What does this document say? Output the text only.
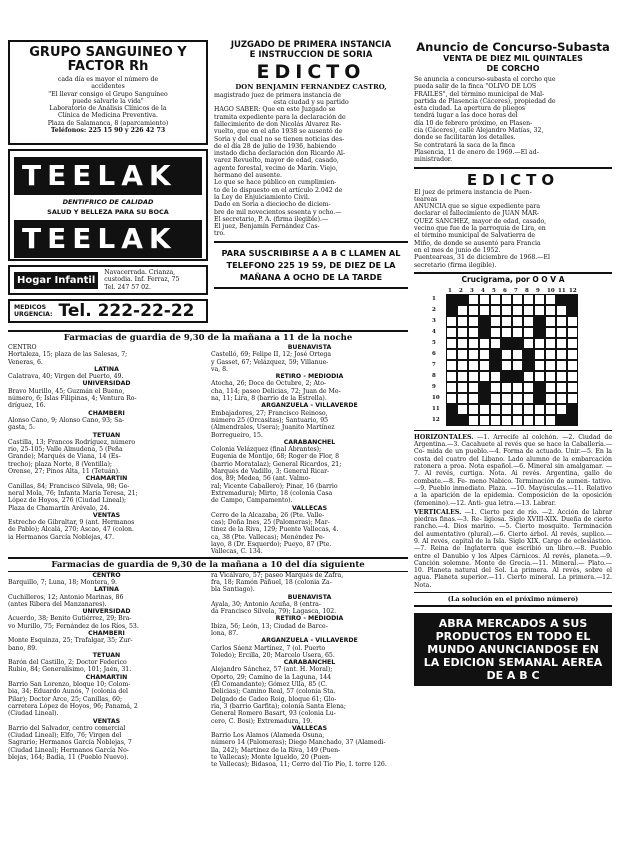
GRUPO SANGUINEO Y FACTOR Rh
cada día es mayor el número de
accidentes
"El llevar consigo el Grupo Sanguíneo
puede salvarle la vida"
Laboratorio de Análisis Clínicos de la
Clínica de Medicina Preventiva.
Plaza de Salamanca, 8 (aparcamiento)
Teléfonos: 225 15 90 y 226 42 73
TEELAK
DENTIFRICO DE CALIDAD
SALUD Y BELLEZA PARA SU BOCA
TEELAK
Hogar Infantil
Navacerrada. Crianza,
custodia. Inf. Ferraz, 75
Tel. 247 57 02.
MEDICOS
URGENCIA: Tel. 222-22-22
JUZGADO DE PRIMERA INSTANCIA
E INSTRUCCION DE SORIA
EDICTO
DON BENJAMIN FERNANDEZ CASTRO,
magistrado juez de primera instancia de
esta ciudad y su partido
HAGO SABER: Que en este Juzgado se
tramita expediente para la declaración de
fallecimiento de don Nicolás Alvarez Re-
vuelto, que en el año 1938 se ausentó de
Soria y del cual no se tienen noticias des-
de el día 28 de julio de 1936, habiendo
instado dicha declaración don Ricardo Al-
varez Revuelto, mayor de edad, casado,
agente forestal, vecino de Marín. Viejo,
hermano del ausente.
Lo que se hace público en cumplimien-
to de lo dispuesto en el artículo 2.042 de
la Ley de Enjuiciamiento Civil.
Dado en Soria a dieciocho de diciem-
bre de mil novecientos sesenta y ocho.—
El secretario, P. A. (firma ilegible).—
El juez, Benjamín Fernández Cas-
tro.
PARA SUSCRIBIRSE A A B C LLAMEN AL TELEFONO 225 19 59, DE DIEZ DE LA MAÑANA A OCHO DE LA TARDE
Anuncio de Concurso-Subasta
VENTA DE DIEZ MIL QUINTALES
DE CORCHO
Se anuncia a concurso-subasta el corcho que
pueda salir de la finca "OLIVO DE LOS
FRAILES", del término municipal de Mal-
partida de Plasencia (Cáceres), propiedad de
esta ciudad. La apertura de pliegos
tendrá lugar a las doce horas del
día 10 de febrero próximo, en Plasen-
cia (Cáceres), calle Alejandro Matías, 32,
donde se facilitarán los detalles.
Se contratará la saca de la finca
Plasencia, 11 de enero de 1969.—El ad-
ministrador.
EDICTO
El juez de primera instancia de Puen-
teareas
ANUNCIA que se sigue expediente para
declarar el fallecimiento de JUAN MAR-
QUEZ SANCHEZ, mayor de edad, casado,
vecino que fue de la parroquia de Lira, en
el término municipal de Salvatierra de
Miño, de donde se ausentó para Francia
en el mes de junio de 1952.
Puenteareas, 31 de diciembre de 1968.—El
secretario (firma ilegible).
Crucigrama, por O O V A
1 2 3 4 5 6 7 8 9 10 11 12
1
2
3
4
5
6
7
8
9
10
11
12
HORIZONTALES. —1. Arrecife al colchón. —2. Ciudad de Argentina.—3. Cacahuete al revés que se hace la Caballería.—Co- mida de un pueblo.—4. Forma de actuado. Unir.—5. En la costa del cuatro del Libano. Lado alumno de la embarcación ratonera a proa. Nota español.—6. Mineral sin amalgamar. —7. Al revés, curtiga. Nota. Ai revés. Argentina, gallo de combate.—8. Fe- meno Nabico. Terminación de aumen- tativo.—9. Pueblo inmediato. Plaza. —10. Mayúsculas.—11. Relativo a la aparición de la epidemia. Composición de la oposición (femenino).—12. Anti- gua letra.—13. Labrar.
VERTICALES. —1. Cierto pez de río. —2. Acción de labrar piedras finas.—3. Re- ligiosa. Siglo XVIII-XIX. Dueña de cierto rancho.—4. Dios marino. —5. Cierto mosquito. Terminación del aumentativo (plural).—6. Cierto árbol. Al revés, suplico.—9. Al revés, capital de la Isla. Siglo XIX. Cargo de eclesiástico.—7. Reina de Inglaterra que escribió un libro.—8. Pueblo entre el Danubio y los Alpes Cárnicos. Al revés, planeta.—9. Canción solemne. Monte de Grecia.—11. Mineral.— Plato.—10. Planeta natural del Sol. La primera. Al revés, sobre el agua. Planeta superior.—11. Cierto mineral. La primera.—12. Nota.
(La solución en el próximo número)
ABRA MERCADOS A SUS PRODUCTOS EN TODO EL MUNDO ANUNCIANDOSE EN LA EDICION SEMANAL AEREA DE A B C
Farmacias de guardia de 9,30 de la mañana a 11 de la noche
CENTRO
Hortaleza, 15; plaza de las Salesas, 7;
Veneras, 6.
LATINA
Calatrava, 40; Virgen del Puerto, 49.
UNIVERSIDAD
Bravo Murillo, 45; Guzmán el Bueno,
número, 6; Islas Filipinas, 4; Ventura Ro-
dríguez, 16.
CHAMBERI
Alonso Cano, 9; Alonso Cano, 93; Sa-
gasta, 5.
TETUAN
Castilla, 13; Francos Rodríguez, número
rio, 25-105; Valle Almudena, 5 (Peña
Grande); Marqués de Viana, 14 (Es-
trecho); plaza Norte, 8 (Ventilla);
Orense, 27; Pinos Alta, 11 (Tetuán).
CHAMARTIN
Canillas, 84; Francisco Silvela, 98; Ge-
neral Mola, 76; Infanta María Teresa, 21;
López de Hoyos, 276 (Ciudad Lineal);
Plaza de Chamartín Arévalo, 24.
VENTAS
Estrecho de Gibraltar, 9 (ant. Hermanos
de Pablo); Alcalá, 270; Ascao, 47 (colon.
ia Hermanos García Noblejas, 47.
BUENAVISTA
Castelló, 69; Felipe II, 12; José Ortega
y Gasset, 67; Velázquez, 59; Villanue-
va, 8.
RETIRO - MEDIODIA
Atocha, 26; Doce de Octubre, 2; Ato-
cha, 114; paseo Delicias, 72; Juan de Me-
na, 11; Lira, 8 (barrio de la Estrella).
ARGANZUELA - VILLAVERDE
Embajadores, 27; Francisco Reinoso,
número 25 (Orcasitas); Santuario, 95
(Almendrales, Usera); Juanito Martínez
Borregueiro, 15.
CARABANCHEL
Colonia Velázquez (final Abrantes);
Eugenia de Montijo, 68; Roger de Flor, 8
(barrio Moratalaz); General Ricardos, 21;
Marqués de Vadillo, 3; General Ricar-
dos, 89; Medea, 56 (ant. Valmo-
ral; Vicente Caballero); Pinar, 16 (barrio
Extremadura); Mirto, 18 (colonia Casa
de Campo, Campamento).
VALLECAS
Cerro de la Alcazaba, 26 (Pte. Valle-
cas); Doña Ines, 25 (Palomeras); Mar-
tínez de la Riva, 129; Puente Vallecas, 4.
ca, 38 (Pte. Vallecas); Menéndez Pe-
layo, 8 (Dr. Esquerdo); Pueyo, 87 (Pte.
Vallecas, C. 134.
Farmacias de guardia de 9,30 de la mañana a 10 del día siguiente
CENTRO
Barquillo, 7; Luna, 18; Montera, 9.
LATINA
Cuchilleros, 12; Antonio Marinas, 86
(antes Ribera del Manzanares).
UNIVERSIDAD
Acuerdo, 38; Benito Gutiérrez, 29; Bra-
vo Murillo, 75; Fernández de los Ríos, 53.
CHAMBERI
Monte Esquinza, 25; Trafalgar, 35; Zur-
bano, 89.
TETUAN
Barón del Castillo, 2; Doctor Federico
Rubio, 84; Generalísimo, 101; Jaén, 31.
CHAMARTIN
Barrio San Lorenzo, bloque 10; Colom-
bia, 34; Eduardo Aunós, 7 (colonia del
Pilar); Doctor Arce, 25; Canillas, 60;
carretera López de Hoyos, 96; Panamá, 2
(Ciudad Lineal).
VENTAS
Barrio del Salvador, centro comercial
(Ciudad Lineal); Elfo, 76; Virgen del
Sagrario; Hermanos García Noblejas, 7
(Ciudad Lineal); Hermanos García No-
blejas, 164; Badía, 11 (Pueblo Nuevo).
ra Vicálvaro, 57; paseo Marqués de Zafra,
fra, 18; Ramón Pañuel, 18 (colonia Za-
bla Santiago).
BUENAVISTA
Ayala, 30; Antonio Acuña, 8 (entra-
da Francisco Silvela, 79); Lagasca, 102.
RETIRO - MEDIODIA
Ibiza, 56; León, 13; Ciudad de Barce-
lona, 87.
ARGANZUELA - VILLAVERDE
Carlos Sáenz Martínez, 7 (ol. Puerto
Toledo); Ercilla, 20; Marcelo Usera, 65.
CARABANCHEL
Alejandro Sánchez, 57 (ant. H. Moral);
Oporto, 29; Camino de la Laguna, 144
(El Comandante); Gómez Ulla, 85 (C.
Delicias); Camino Real, 57 (colonia Sta.
Delgado de Cadeo Roig, bloque 61; Glo-
ria, 3 (barrio Garfita); colonia Santa Elena;
General Romero Basart, 93 (colonia Lu-
cero, C. Bosi); Extremadura, 19.
VALLECAS
Barrio Los Alamos (Alameda Osuna,
número 14 (Palomeras); Diego Manchado, 37 (Alamedi-
lla, 242); Martínez de la Riva, 149 (Puen-
te Vallecas); Monte Igueldo, 20 (Puen-
te Vallecas); Bidasoa, 11; Cerro del Tío Pío, I. torre 126.
